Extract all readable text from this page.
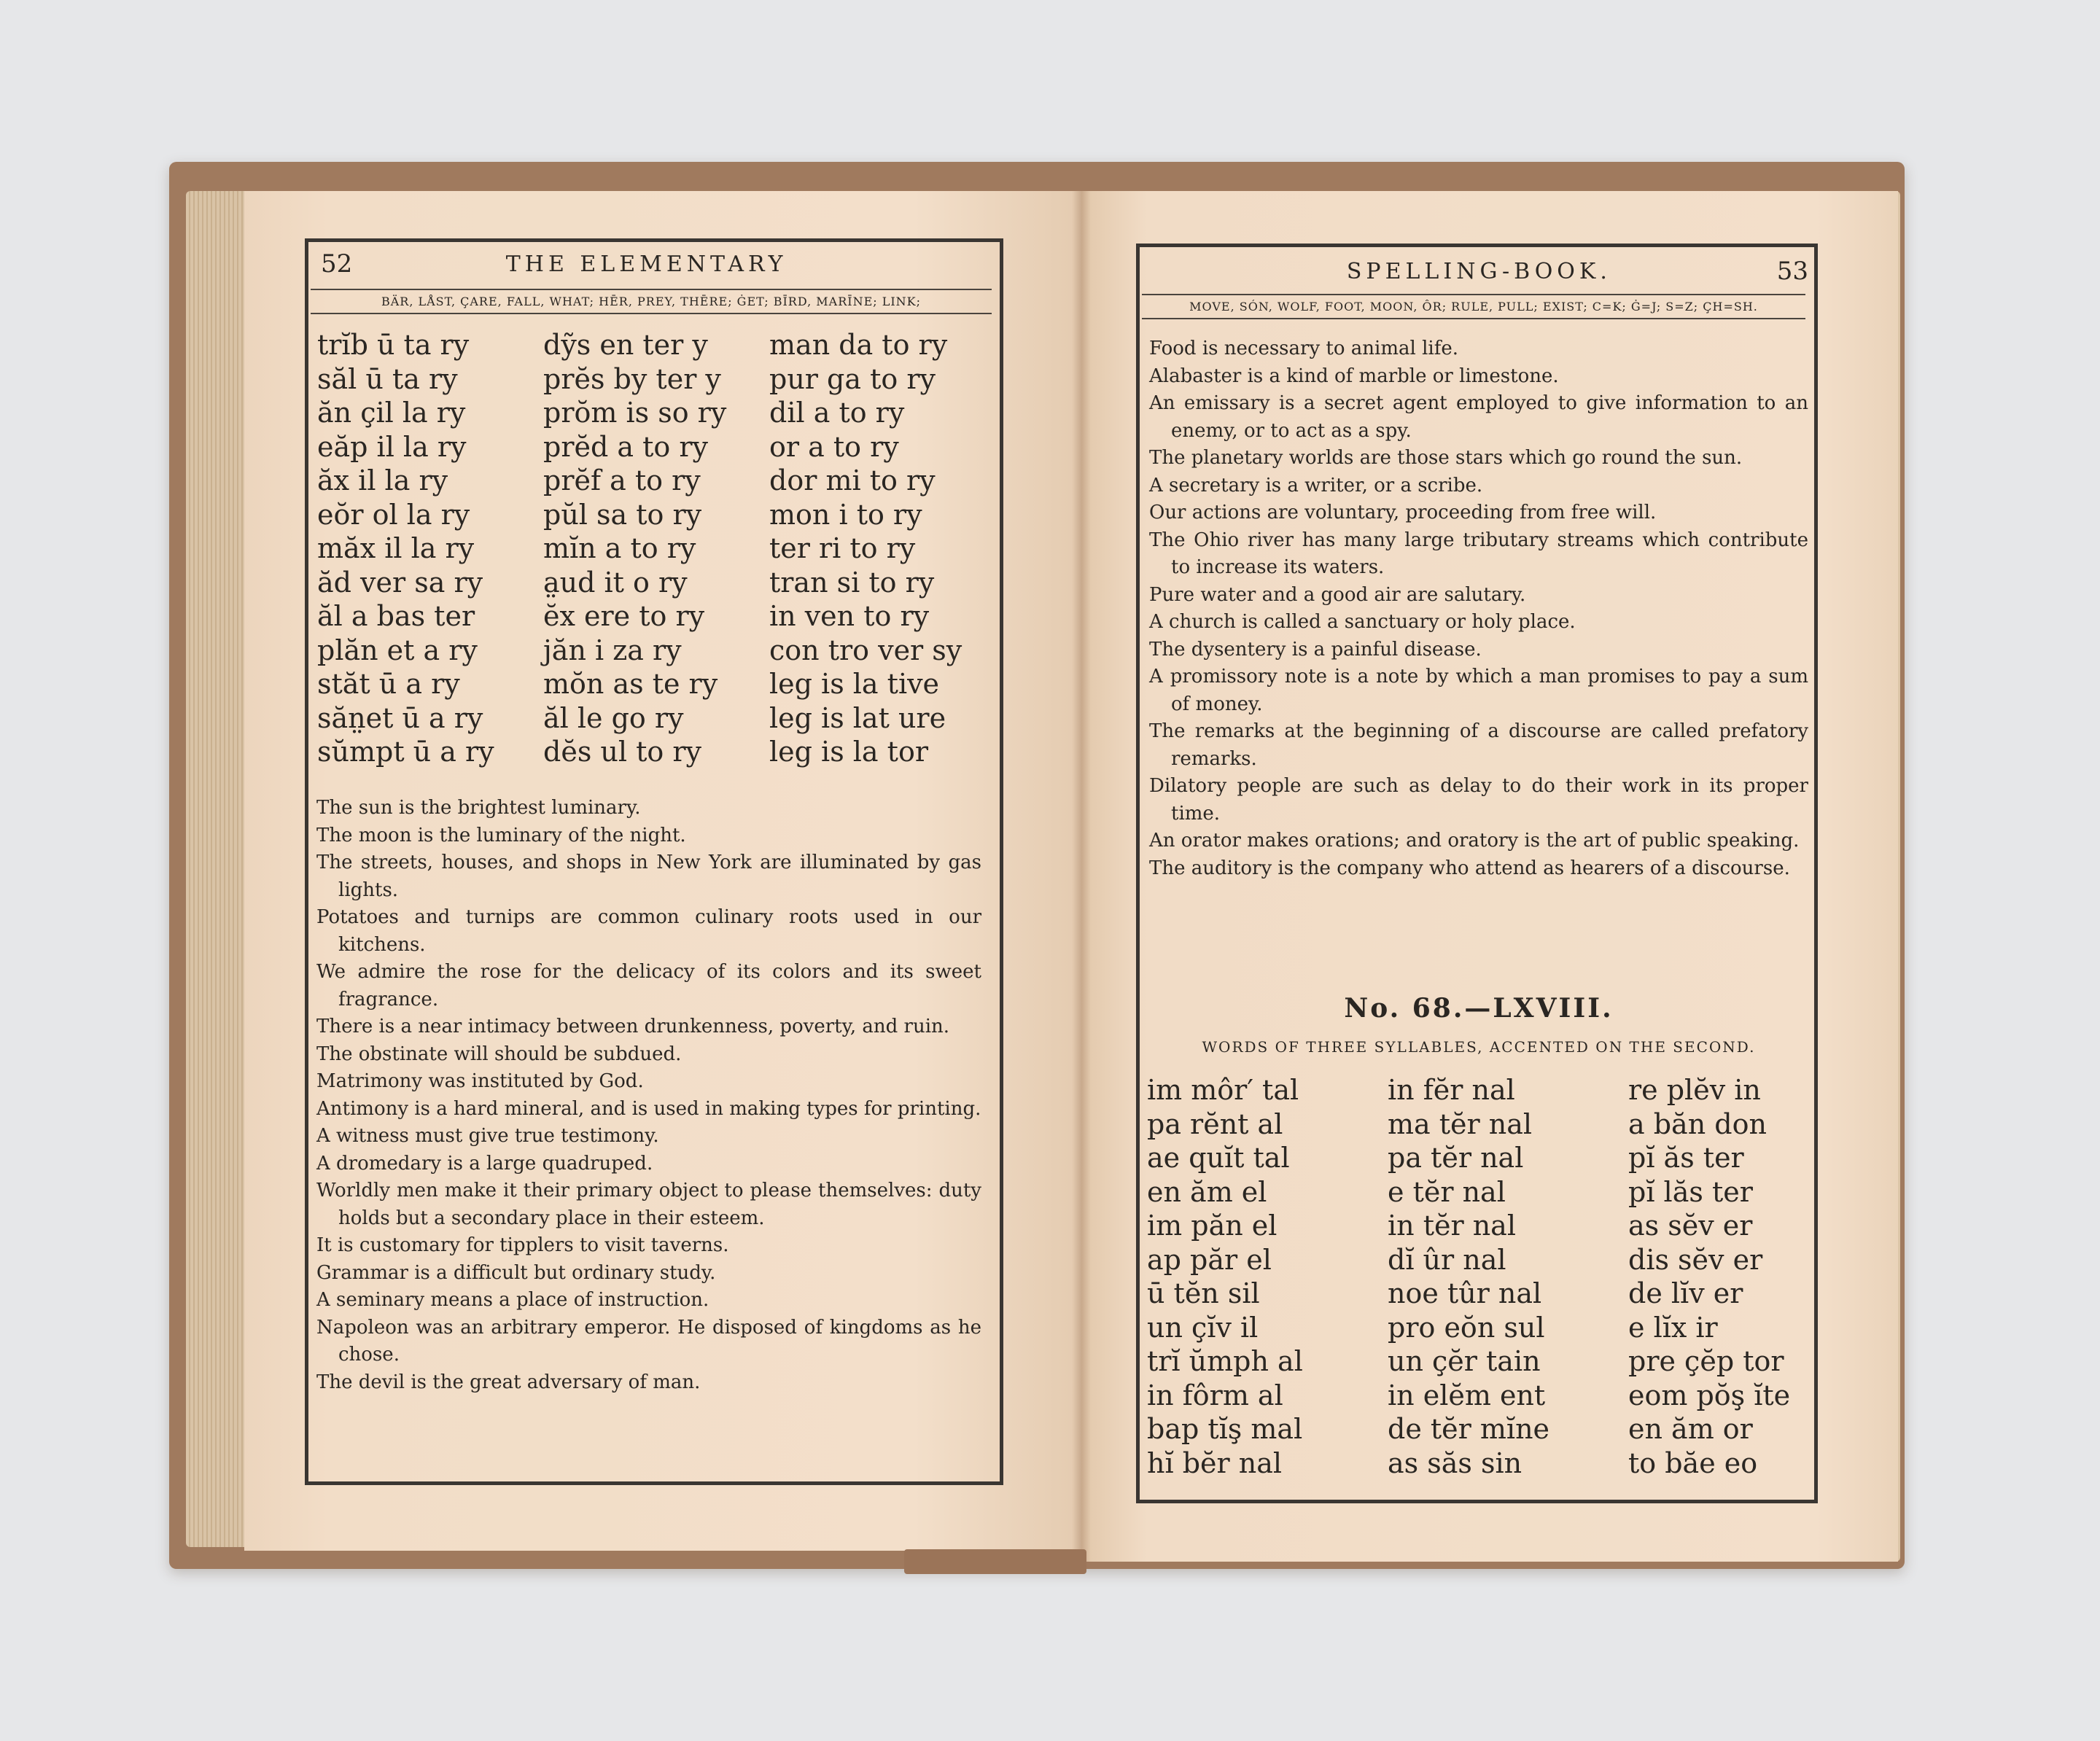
52	THE ELEMENTARY
BÄR, LÅST, ÇARE, FALL, WHAT; HĒR, PREY, THĒRE; ĠET; BĪRD, MARĪNE; LINK;
SPELLING-BOOK.	53
MOVE, SÓN, WOLF, FOOT, MOON, ÔR; RULE, PULL; EXIST; C=K; Ġ=J; S=Z; ÇH=SH.
trĭb ū ta ry
săl ū ta ry
ăn çil la ry
eăp il la ry
ăx il la ry
eŏr ol la ry
măx il la ry
ăd ver sa ry
ăl a bas ter
plăn et a ry
stăt ū a ry
săn̤et ū a ry
sŭmpt ū a ry
dỹs en ter y
prĕs by ter y
prŏm is so ry
prĕd a to ry
prĕf a to ry
pŭl sa to ry
mĭn a to ry
a̤ud it o ry
ĕx ere to ry
jăn i za ry
mŏn as te ry
ăl le go ry
dĕs ul to ry
man da to ry
pur ga to ry
dil a to ry
or a to ry
dor mi to ry
mon i to ry
ter ri to ry
tran si to ry
in ven to ry
con tro ver sy
leg is la tive
leg is lat ure
leg is la tor
The sun is the brightest luminary.
The moon is the luminary of the night.
The streets, houses, and shops in New York are illuminated by gas lights.
Potatoes and turnips are common culinary roots used in our kitchens.
We admire the rose for the delicacy of its colors and its sweet fragrance.
There is a near intimacy between drunkenness, poverty, and ruin.
The obstinate will should be subdued.
Matrimony was instituted by God.
Antimony is a hard mineral, and is used in making types for printing.
A witness must give true testimony.
A dromedary is a large quadruped.
Worldly men make it their primary object to please themselves: duty holds but a secondary place in their esteem.
It is customary for tipplers to visit taverns.
Grammar is a difficult but ordinary study.
A seminary means a place of instruction.
Napoleon was an arbitrary emperor. He disposed of kingdoms as he chose.
The devil is the great adversary of man.
Food is necessary to animal life.
Alabaster is a kind of marble or limestone.
An emissary is a secret agent employed to give information to an enemy, or to act as a spy.
The planetary worlds are those stars which go round the sun.
A secretary is a writer, or a scribe.
Our actions are voluntary, proceeding from free will.
The Ohio river has many large tributary streams which contribute to increase its waters.
Pure water and a good air are salutary.
A church is called a sanctuary or holy place.
The dysentery is a painful disease.
A promissory note is a note by which a man promises to pay a sum of money.
The remarks at the beginning of a discourse are called prefatory remarks.
Dilatory people are such as delay to do their work in its proper time.
An orator makes orations; and oratory is the art of public speaking.
The auditory is the company who attend as hearers of a discourse.
No. 68.—LXVIII.
WORDS OF THREE SYLLABLES, ACCENTED ON THE SECOND.
im môr′ tal
pa rĕnt al
ae quĭt tal
en ăm el
im păn el
ap păr el
ū tĕn sil
un çĭv il
trĭ ŭmph al
in fôrm al
bap tĭş mal
hĭ bĕr nal
in fĕr nal
ma tĕr nal
pa tĕr nal
e tĕr nal
in tĕr nal
dĭ ûr nal
noe tûr nal
pro eŏn sul
un çĕr tain
in elĕm ent
de tĕr mĭne
as săs sin
re plĕv in
a băn don
pĭ ăs ter
pĭ lăs ter
as sĕv er
dis sĕv er
de lĭv er
e lĭx ir
pre çĕp tor
eom pŏş ĭte
en ăm or
to băe eo
